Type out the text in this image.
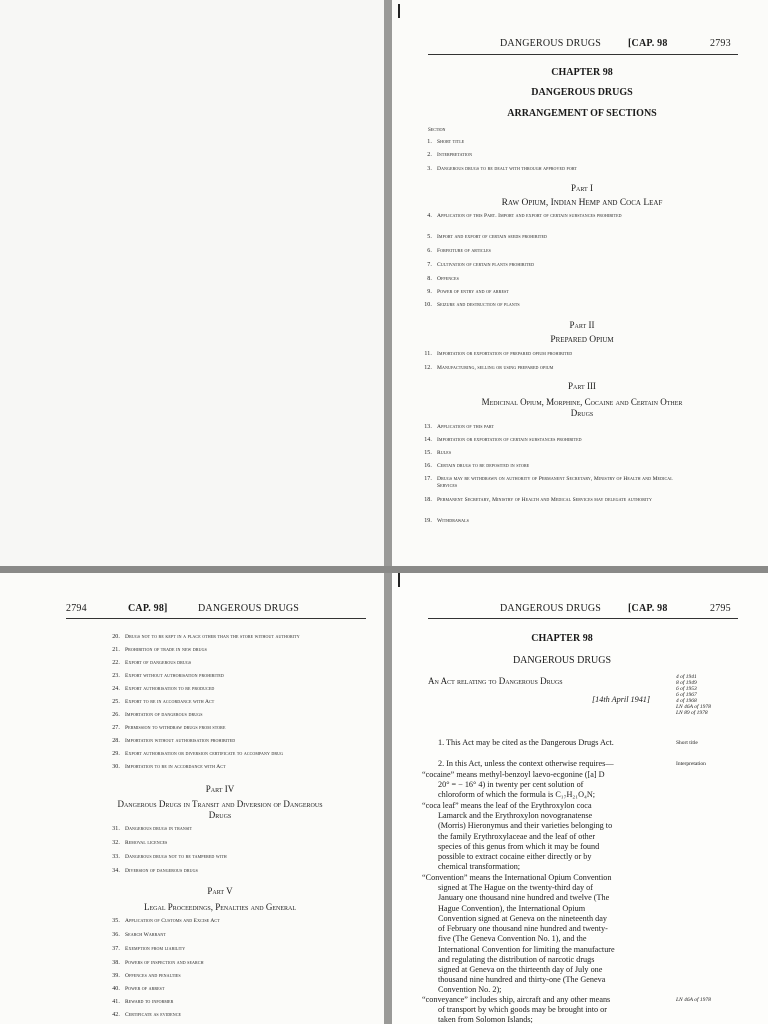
DANGEROUS DRUGS	[CAP. 98	2793
CHAPTER 98
DANGEROUS DRUGS
ARRANGEMENT OF SECTIONS
Section
1. Short title
2. Interpretation
3. Dangerous drugs to be dealt with through approved port
Part I
Raw Opium, Indian Hemp and Coca Leaf
4. Application of this Part. Import and export of certain substances prohibited
5. Import and export of certain seeds prohibited
6. Forfeiture of articles
7. Cultivation of certain plants prohibited
8. Offences
9. Power of entry and of arrest
10. Seizure and destruction of plants
Part II
Prepared Opium
11. Importation or exportation of prepared opium prohibited
12. Manufacturing, selling or using prepared opium
Part III
Medicinal Opium, Morphine, Cocaine and Certain Other
Drugs
13. Application of this part
14. Importation or exportation of certain substances prohibited
15. Rules
16. Certain drugs to be deposited in store
17. Drugs may be withdrawn on authority of Permanent Secretary, Ministry of Health and Medical Services
18. Permanent Secretary, Ministry of Health and Medical Services may delegate authority
19. Withdrawals
2794	CAP. 98]	DANGEROUS DRUGS
20. Drugs not to be kept in a place other than the store without authority
21. Prohibition of trade in new drugs
22. Export of dangerous drugs
23. Export without authorisation prohibited
24. Export authorisation to be produced
25. Export to be in accordance with Act
26. Importation of dangerous drugs
27. Permission to withdraw drugs from store
28. Importation without authorisation prohibited
29. Export authorisation or diversion certificate to accompany drug
30. Importation to be in accordance with Act
Part IV
Dangerous Drugs in Transit and Diversion of Dangerous
Drugs
31. Dangerous drugs in transit
32. Removal licences
33. Dangerous drugs not to be tampered with
34. Diversion of dangerous drugs
Part V
Legal Proceedings, Penalties and General
35. Application of Customs and Excise Act
36. Search Warrant
37. Exemption from liability
38. Powers of inspection and search
39. Offences and penalties
40. Power of arrest
41. Reward to informer
42. Certificate as evidence
DANGEROUS DRUGS	[CAP. 98	2795
CHAPTER 98
DANGEROUS DRUGS
An Act relating to Dangerous Drugs
[14th April 1941]
4 of 1941
8 of 1949
6 of 1953
6 of 1967
4 of 1968
LN 46A of 1978
LN 89 of 1978
1. This Act may be cited as the Dangerous Drugs Act.	Short title
2. In this Act, unless the context otherwise requires—	Interpretation
“cocaine” means methyl-benzoyl laevo-ecgonine ([a] D
20° = − 16° 4) in twenty per cent solution of
chloroform of which the formula is C₁₇H₂₁O₄N;
“coca leaf” means the leaf of the Erythroxylon coca
Lamarck and the Erythroxylon novogranatense
(Morris) Hieronymus and their varieties belonging to
the family Erythroxylaceae and the leaf of other
species of this genus from which it may be found
possible to extract cocaine either directly or by
chemical transformation;
“Convention” means the International Opium Convention
signed at The Hague on the twenty-third day of
January one thousand nine hundred and twelve (The
Hague Convention), the International Opium
Convention signed at Geneva on the nineteenth day
of February one thousand nine hundred and twenty-
five (The Geneva Convention No. 1), and the
International Convention for limiting the manufacture
and regulating the distribution of narcotic drugs
signed at Geneva on the thirteenth day of July one
thousand nine hundred and thirty-one (The Geneva
Convention No. 2);
“conveyance” includes ship, aircraft and any other means
of transport by which goods may be brought into or
taken from Solomon Islands;
LN 46A of 1978
